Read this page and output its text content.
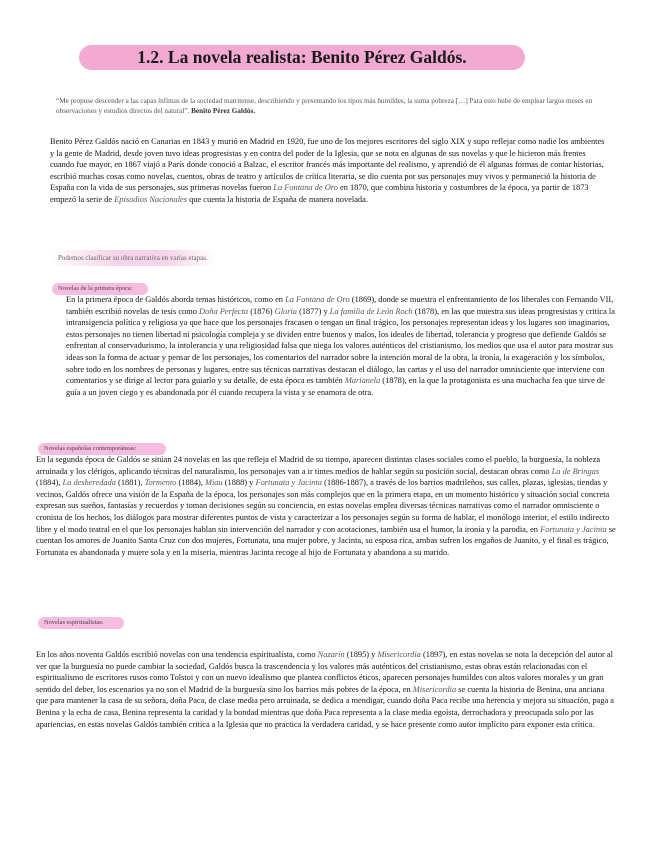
1.2. La novela realista: Benito Pérez Galdós.
“Me propuse descender a las capas ínfimas de la sociedad matritense, describiendo y presentando los tipos más humildes, la suma pobreza […] Para esto hube de emplear largos meses en observaciones y estudios directos del natural”. Benito Pérez Galdós.

Benito Pérez Galdós nació en Canarias en 1843 y murió en Madrid en 1920, fue uno de los mejores escritores del siglo XIX y supo reflejar como nadie los ambientes y la gente de Madrid, desde joven tuvo ideas progresistas y en contra del poder de la Iglesia, que se nota en algunas de sus novelas y que le hicieron más frentes cuando fue mayor, en 1867 viajó a París donde conoció a Balzac, el escritor francés más importante del realismo, y aprendió de él algunas formas de contar historias, escribió muchas cosas como novelas, cuentos, obras de teatro y artículos de crítica literaria, se dio cuenta por sus personajes muy vivos y permaneció la historia de España con la vida de sus personajes, sus primeras novelas fueron La Fontana de Oro en 1870, que combina historia y costumbres de la época, ya partir de 1873 empezó la serie de Episodios Nacionales que cuenta la historia de España de manera novelada.

Podemos clasificar su obra narrativa en varias etapas.
Novelas de la primera época:

En la primera época de Galdós aborda temas históricos, como en La Fontana de Oro (1869), donde se muestra el enfrentamiento de los liberales con Fernando VII, también escribió novelas de tesis como Doña Perfecta (1876) Gloria (1877) y La familia de León Roch (1878), en las que muestra sus ideas progresistas y critica la intransigencia política y religiosa ya que hace que los personajes fracasen o tengan un final trágico, los personajes representan ideas y los lugares son imaginarios, estos personajes no tienen libertad ni psicología compleja y se dividen entre buenos y malos, los ideales de libertad, tolerancia y progreso que defiende Galdós se enfrentan al conservadurismo, la intolerancia y una religiosidad falsa que niega los valores auténticos del cristianismo, los medios que usa el autor para mostrar sus ideas son la forma de actuar y pensar de los personajes, los comentarios del narrador sobre la intención moral de la obra, la ironía, la exageración y los símbolos, sobre todo en los nombres de personas y lugares, entre sus técnicas narrativas destacan el diálogo, las cartas y el uso del narrador omnisciente que interviene con comentarios y se dirige al lector para guiarlo y su detalle, de esta época es también Marianela (1878), en la que la protagonista es una muchacha fea que sirve de guía a un joven ciego y es abandonada por él cuando recupera la vista y se enamora de otra.

Novelas españolas contemporáneas:

En la segunda época de Galdós se sitúan 24 novelas en las que refleja el Madrid de su tiempo, aparecen distintas clases sociales como el pueblo, la burguesía, la nobleza arruinada y los clérigos, aplicando técnicas del naturalismo, los personajes van a ir tintes medios de hablar según su posición social, destacan obras como La de Bringas (1884), La desheredada (1881), Tormento (1884), Miau (1888) y Fortunata y Jacinta (1886-1887), a través de los barrios madrileños, sus calles, plazas, iglesias, tiendas y vecinos, Galdós ofrece una visión de la España de la época, los personajes son más complejos que en la primera etapa, en un momento histórico y situación social concreta expresan sus sueños, fantasías y recuerdos y toman decisiones según su conciencia, en estas novelas emplea diversas técnicas narrativas como el narrador omnisciente o cronista de los hechos, los diálogos para mostrar diferentes puntos de vista y caracterizar a los personajes según su forma de hablar, el monólogo interior, el estilo indirecto libre y el modo teatral en el que los personajes hablan sin intervención del narrador y con acotaciones, también usa el humor, la ironía y la parodia, en Fortunata y Jacinta se cuentan los amores de Juanito Santa Cruz con dos mujeres, Fortunata, una mujer pobre, y Jacinta, su esposa rica, ambas sufren los engaños de Juanito, y el final es trágico, Fortunata es abandonada y muere sola y en la miseria, mientras Jacinta recoge al hijo de Fortunata y abandona a su marido.

Novelas espiritualistas:

En los años noventa Galdós escribió novelas con una tendencia espiritualista, como Nazarín (1895) y Misericordia (1897), en estas novelas se nota la decepción del autor al ver que la burguesía no puede cambiar la sociedad, Galdós busca la trascendencia y los valores más auténticos del cristianismo, estas obras están relacionadas con el espiritualismo de escritores rusos como Tolstoi y con un nuevo idealismo que plantea conflictos éticos, aparecen personajes humildes con altos valores morales y un gran sentido del deber, los escenarios ya no son el Madrid de la burguesía sino los barrios más pobres de la época, en Misericordia se cuenta la historia de Benina, una anciana que para mantener la casa de su señora, doña Paca, de clase media pero arruinada, se dedica a mendigar, cuando doña Paca recibe una herencia y mejora su situación, paga a Benina y la echa de casa, Benina representa la caridad y la bondad mientras que doña Paca representa a la clase media egoísta, derrochadora y preocupada solo por las apariencias, en estas novelas Galdós también critica a la Iglesia que no practica la verdadera caridad, y se hace presente como autor implícito para exponer esta crítica.
